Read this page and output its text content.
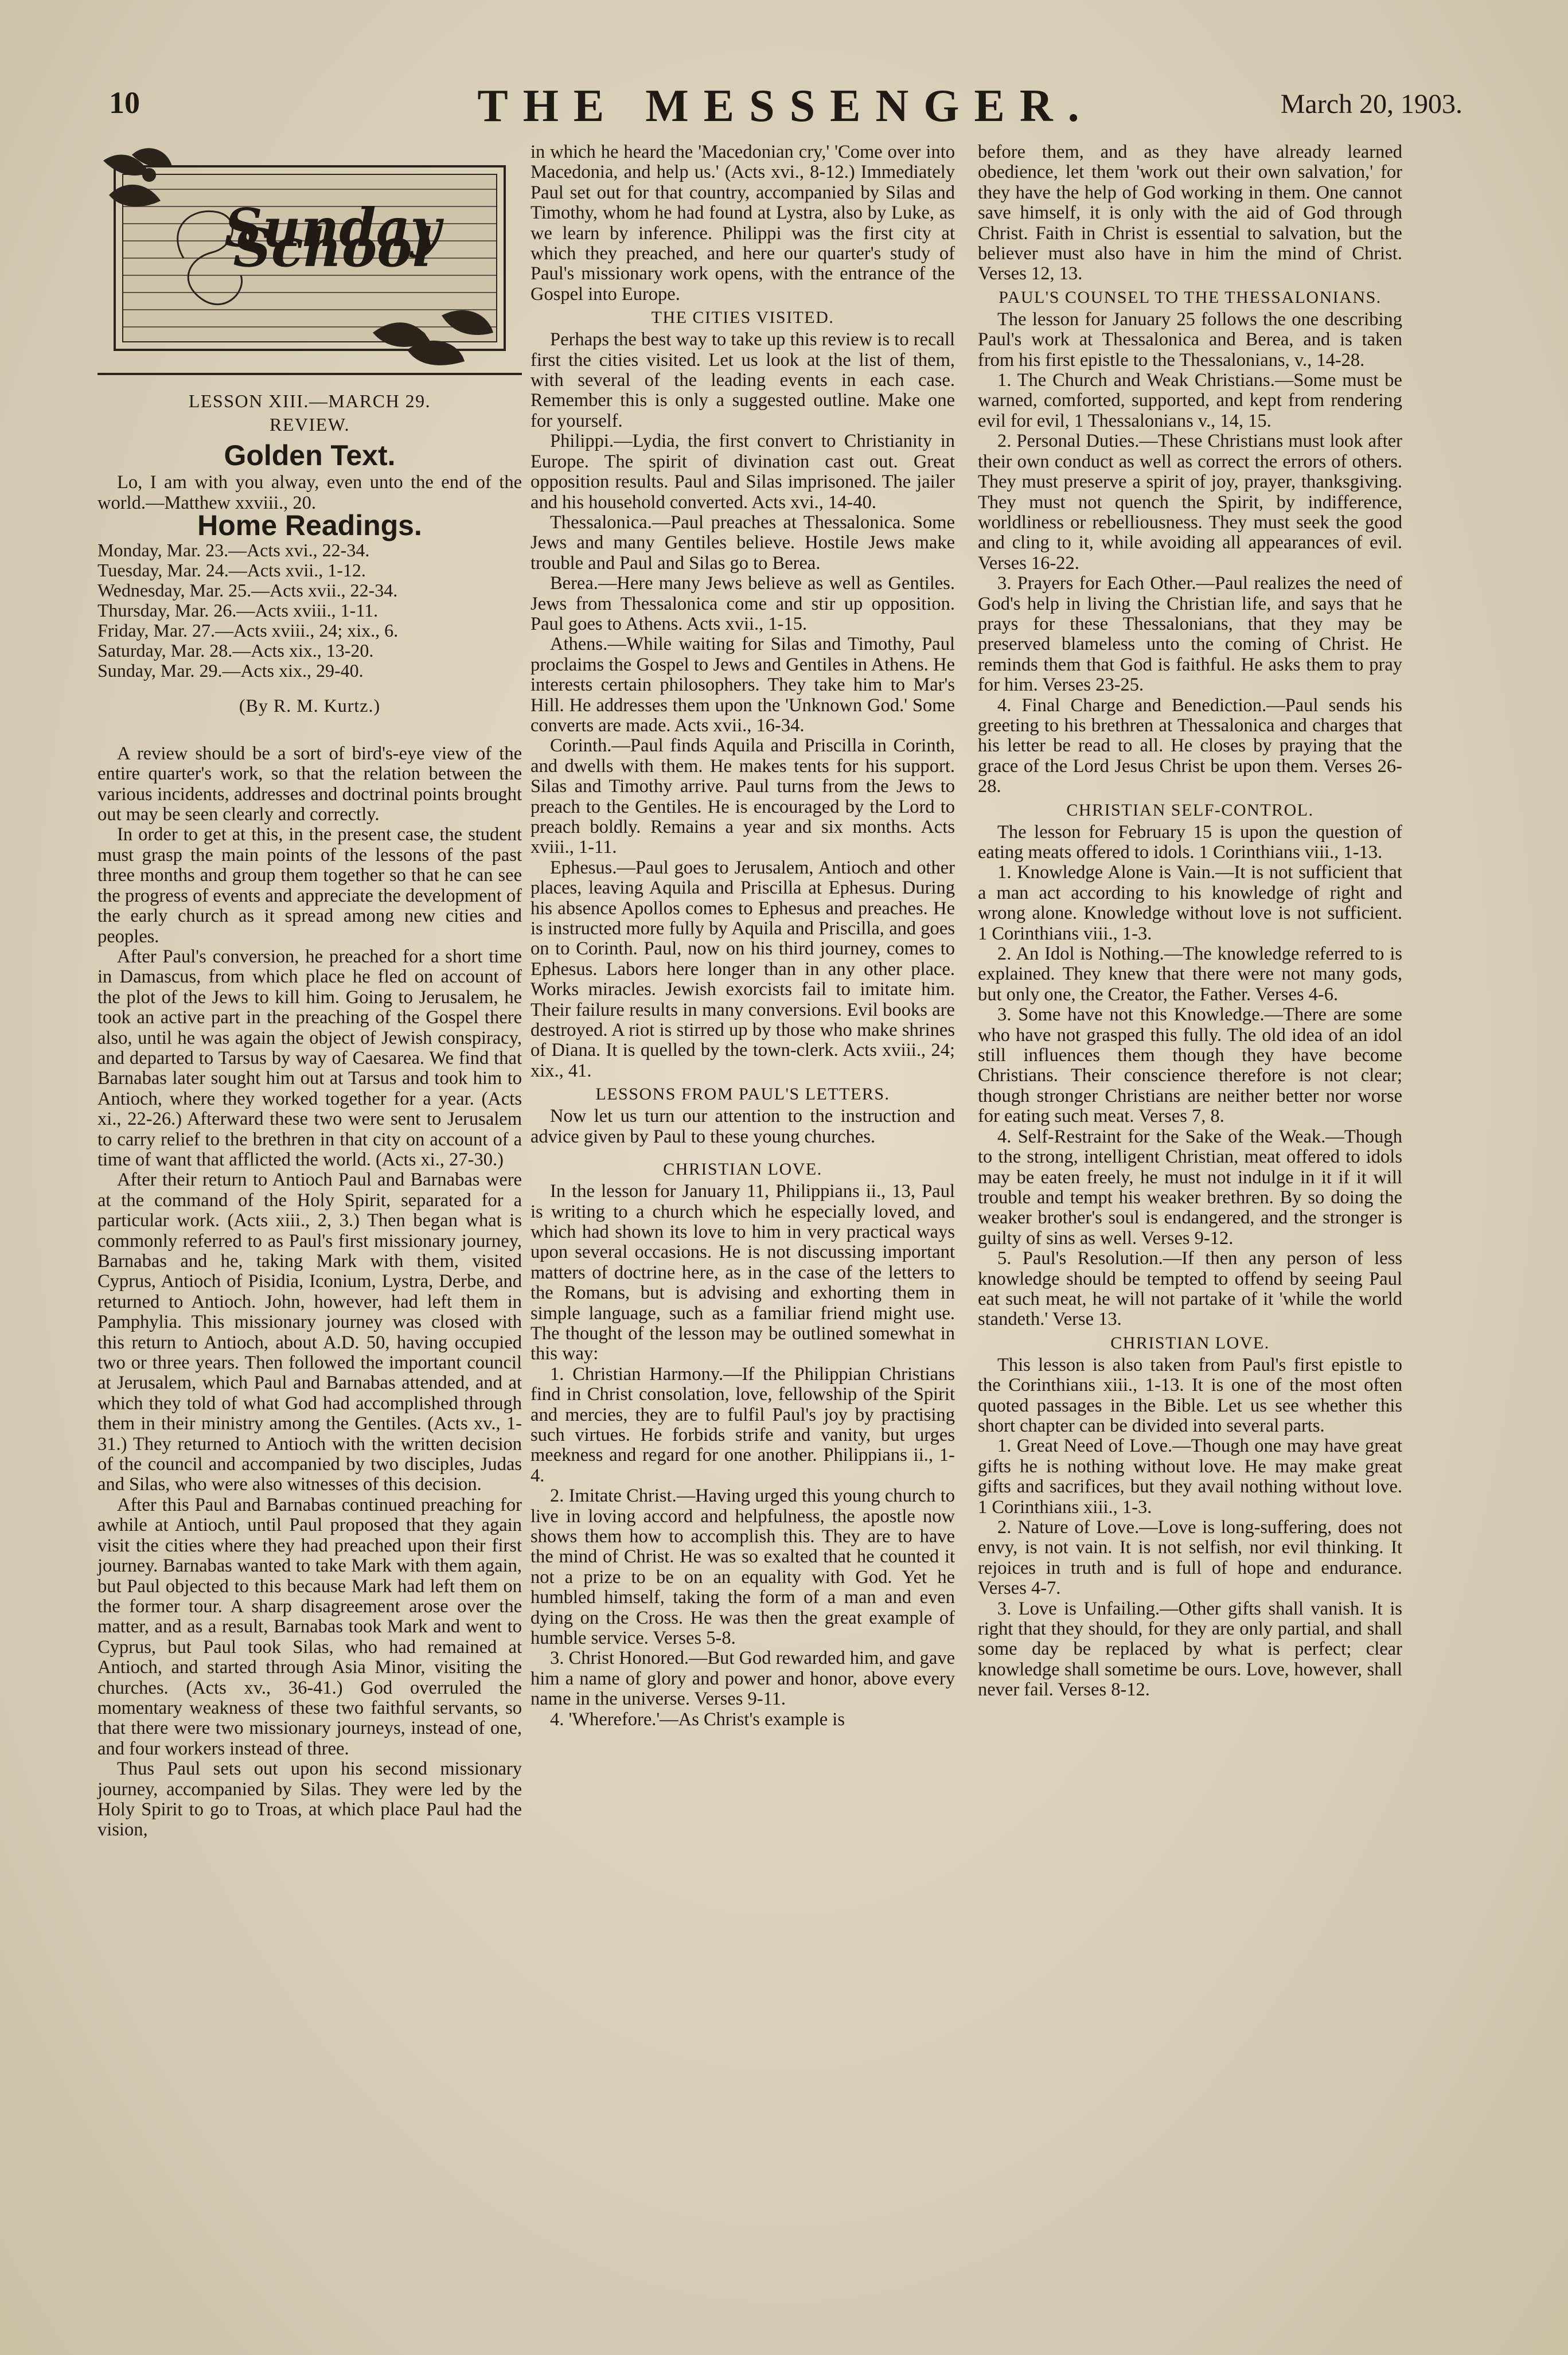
10	THE MESSENGER.	March 20, 1903.
Sunday School
LESSON XIII.—MARCH 29.
REVIEW.
Golden Text.

Lo, I am with you alway, even unto the end of the world.—Matthew xxviii., 20.

Home Readings.
Monday, Mar. 23.—Acts xvi., 22-34.
Tuesday, Mar. 24.—Acts xvii., 1-12.
Wednesday, Mar. 25.—Acts xvii., 22-34.
Thursday, Mar. 26.—Acts xviii., 1-11.
Friday, Mar. 27.—Acts xviii., 24; xix., 6.
Saturday, Mar. 28.—Acts xix., 13-20.
Sunday, Mar. 29.—Acts xix., 29-40.
(By R. M. Kurtz.)

A review should be a sort of bird's-eye view of the entire quarter's work, so that the relation between the various incidents, addresses and doctrinal points brought out may be seen clearly and correctly.

In order to get at this, in the present case, the student must grasp the main points of the lessons of the past three months and group them together so that he can see the progress of events and appreciate the development of the early church as it spread among new cities and peoples.

After Paul's conversion, he preached for a short time in Damascus, from which place he fled on account of the plot of the Jews to kill him. Going to Jerusalem, he took an active part in the preaching of the Gospel there also, until he was again the object of Jewish conspiracy, and departed to Tarsus by way of Caesarea. We find that Barnabas later sought him out at Tarsus and took him to Antioch, where they worked together for a year. (Acts xi., 22-26.) Afterward these two were sent to Jerusalem to carry relief to the brethren in that city on account of a time of want that afflicted the world. (Acts xi., 27-30.)

After their return to Antioch Paul and Barnabas were at the command of the Holy Spirit, separated for a particular work. (Acts xiii., 2, 3.) Then began what is commonly referred to as Paul's first missionary journey, Barnabas and he, taking Mark with them, visited Cyprus, Antioch of Pisidia, Iconium, Lystra, Derbe, and returned to Antioch. John, however, had left them in Pamphylia. This missionary journey was closed with this return to Antioch, about A.D. 50, having occupied two or three years. Then followed the important council at Jerusalem, which Paul and Barnabas attended, and at which they told of what God had accomplished through them in their ministry among the Gentiles. (Acts xv., 1-31.) They returned to Antioch with the written decision of the council and accompanied by two disciples, Judas and Silas, who were also witnesses of this decision.

After this Paul and Barnabas continued preaching for awhile at Antioch, until Paul proposed that they again visit the cities where they had preached upon their first journey. Barnabas wanted to take Mark with them again, but Paul objected to this because Mark had left them on the former tour. A sharp disagreement arose over the matter, and as a result, Barnabas took Mark and went to Cyprus, but Paul took Silas, who had remained at Antioch, and started through Asia Minor, visiting the churches. (Acts xv., 36-41.) God overruled the momentary weakness of these two faithful servants, so that there were two missionary journeys, instead of one, and four workers instead of three.

Thus Paul sets out upon his second missionary journey, accompanied by Silas. They were led by the Holy Spirit to go to Troas, at which place Paul had the vision,

in which he heard the 'Macedonian cry,' 'Come over into Macedonia, and help us.' (Acts xvi., 8-12.) Immediately Paul set out for that country, accompanied by Silas and Timothy, whom he had found at Lystra, also by Luke, as we learn by inference. Philippi was the first city at which they preached, and here our quarter's study of Paul's missionary work opens, with the entrance of the Gospel into Europe.

THE CITIES VISITED.

Perhaps the best way to take up this review is to recall first the cities visited. Let us look at the list of them, with several of the leading events in each case. Remember this is only a suggested outline. Make one for yourself.

Philippi.—Lydia, the first convert to Christianity in Europe. The spirit of divination cast out. Great opposition results. Paul and Silas imprisoned. The jailer and his household converted. Acts xvi., 14-40.

Thessalonica.—Paul preaches at Thessalonica. Some Jews and many Gentiles believe. Hostile Jews make trouble and Paul and Silas go to Berea.

Berea.—Here many Jews believe as well as Gentiles. Jews from Thessalonica come and stir up opposition. Paul goes to Athens. Acts xvii., 1-15.

Athens.—While waiting for Silas and Timothy, Paul proclaims the Gospel to Jews and Gentiles in Athens. He interests certain philosophers. They take him to Mar's Hill. He addresses them upon the 'Unknown God.' Some converts are made. Acts xvii., 16-34.

Corinth.—Paul finds Aquila and Priscilla in Corinth, and dwells with them. He makes tents for his support. Silas and Timothy arrive. Paul turns from the Jews to preach to the Gentiles. He is encouraged by the Lord to preach boldly. Remains a year and six months. Acts xviii., 1-11.

Ephesus.—Paul goes to Jerusalem, Antioch and other places, leaving Aquila and Priscilla at Ephesus. During his absence Apollos comes to Ephesus and preaches. He is instructed more fully by Aquila and Priscilla, and goes on to Corinth. Paul, now on his third journey, comes to Ephesus. Labors here longer than in any other place. Works miracles. Jewish exorcists fail to imitate him. Their failure results in many conversions. Evil books are destroyed. A riot is stirred up by those who make shrines of Diana. It is quelled by the town-clerk. Acts xviii., 24; xix., 41.

LESSONS FROM PAUL'S LETTERS.

Now let us turn our attention to the instruction and advice given by Paul to these young churches.

CHRISTIAN LOVE.

In the lesson for January 11, Philippians ii., 13, Paul is writing to a church which he especially loved, and which had shown its love to him in very practical ways upon several occasions. He is not discussing important matters of doctrine here, as in the case of the letters to the Romans, but is advising and exhorting them in simple language, such as a familiar friend might use. The thought of the lesson may be outlined somewhat in this way:

1. Christian Harmony.—If the Philippian Christians find in Christ consolation, love, fellowship of the Spirit and mercies, they are to fulfil Paul's joy by practising such virtues. He forbids strife and vanity, but urges meekness and regard for one another. Philippians ii., 1-4.

2. Imitate Christ.—Having urged this young church to live in loving accord and helpfulness, the apostle now shows them how to accomplish this. They are to have the mind of Christ. He was so exalted that he counted it not a prize to be on an equality with God. Yet he humbled himself, taking the form of a man and even dying on the Cross. He was then the great example of humble service. Verses 5-8.

3. Christ Honored.—But God rewarded him, and gave him a name of glory and power and honor, above every name in the universe. Verses 9-11.

4. 'Wherefore.'—As Christ's example is

before them, and as they have already learned obedience, let them 'work out their own salvation,' for they have the help of God working in them. One cannot save himself, it is only with the aid of God through Christ. Faith in Christ is essential to salvation, but the believer must also have in him the mind of Christ. Verses 12, 13.

PAUL'S COUNSEL TO THE THESSALONIANS.

The lesson for January 25 follows the one describing Paul's work at Thessalonica and Berea, and is taken from his first epistle to the Thessalonians, v., 14-28.

1. The Church and Weak Christians.—Some must be warned, comforted, supported, and kept from rendering evil for evil, 1 Thessalonians v., 14, 15.

2. Personal Duties.—These Christians must look after their own conduct as well as correct the errors of others. They must preserve a spirit of joy, prayer, thanksgiving. They must not quench the Spirit, by indifference, worldliness or rebelliousness. They must seek the good and cling to it, while avoiding all appearances of evil. Verses 16-22.

3. Prayers for Each Other.—Paul realizes the need of God's help in living the Christian life, and says that he prays for these Thessalonians, that they may be preserved blameless unto the coming of Christ. He reminds them that God is faithful. He asks them to pray for him. Verses 23-25.

4. Final Charge and Benediction.—Paul sends his greeting to his brethren at Thessalonica and charges that his letter be read to all. He closes by praying that the grace of the Lord Jesus Christ be upon them. Verses 26-28.

CHRISTIAN SELF-CONTROL.

The lesson for February 15 is upon the question of eating meats offered to idols. 1 Corinthians viii., 1-13.

1. Knowledge Alone is Vain.—It is not sufficient that a man act according to his knowledge of right and wrong alone. Knowledge without love is not sufficient. 1 Corinthians viii., 1-3.

2. An Idol is Nothing.—The knowledge referred to is explained. They knew that there were not many gods, but only one, the Creator, the Father. Verses 4-6.

3. Some have not this Knowledge.—There are some who have not grasped this fully. The old idea of an idol still influences them though they have become Christians. Their conscience therefore is not clear; though stronger Christians are neither better nor worse for eating such meat. Verses 7, 8.

4. Self-Restraint for the Sake of the Weak.—Though to the strong, intelligent Christian, meat offered to idols may be eaten freely, he must not indulge in it if it will trouble and tempt his weaker brethren. By so doing the weaker brother's soul is endangered, and the stronger is guilty of sins as well. Verses 9-12.

5. Paul's Resolution.—If then any person of less knowledge should be tempted to offend by seeing Paul eat such meat, he will not partake of it 'while the world standeth.' Verse 13.

CHRISTIAN LOVE.

This lesson is also taken from Paul's first epistle to the Corinthians xiii., 1-13. It is one of the most often quoted passages in the Bible. Let us see whether this short chapter can be divided into several parts.

1. Great Need of Love.—Though one may have great gifts he is nothing without love. He may make great gifts and sacrifices, but they avail nothing without love. 1 Corinthians xiii., 1-3.

2. Nature of Love.—Love is long-suffering, does not envy, is not vain. It is not selfish, nor evil thinking. It rejoices in truth and is full of hope and endurance. Verses 4-7.

3. Love is Unfailing.—Other gifts shall vanish. It is right that they should, for they are only partial, and shall some day be replaced by what is perfect; clear knowledge shall sometime be ours. Love, however, shall never fail. Verses 8-12.
